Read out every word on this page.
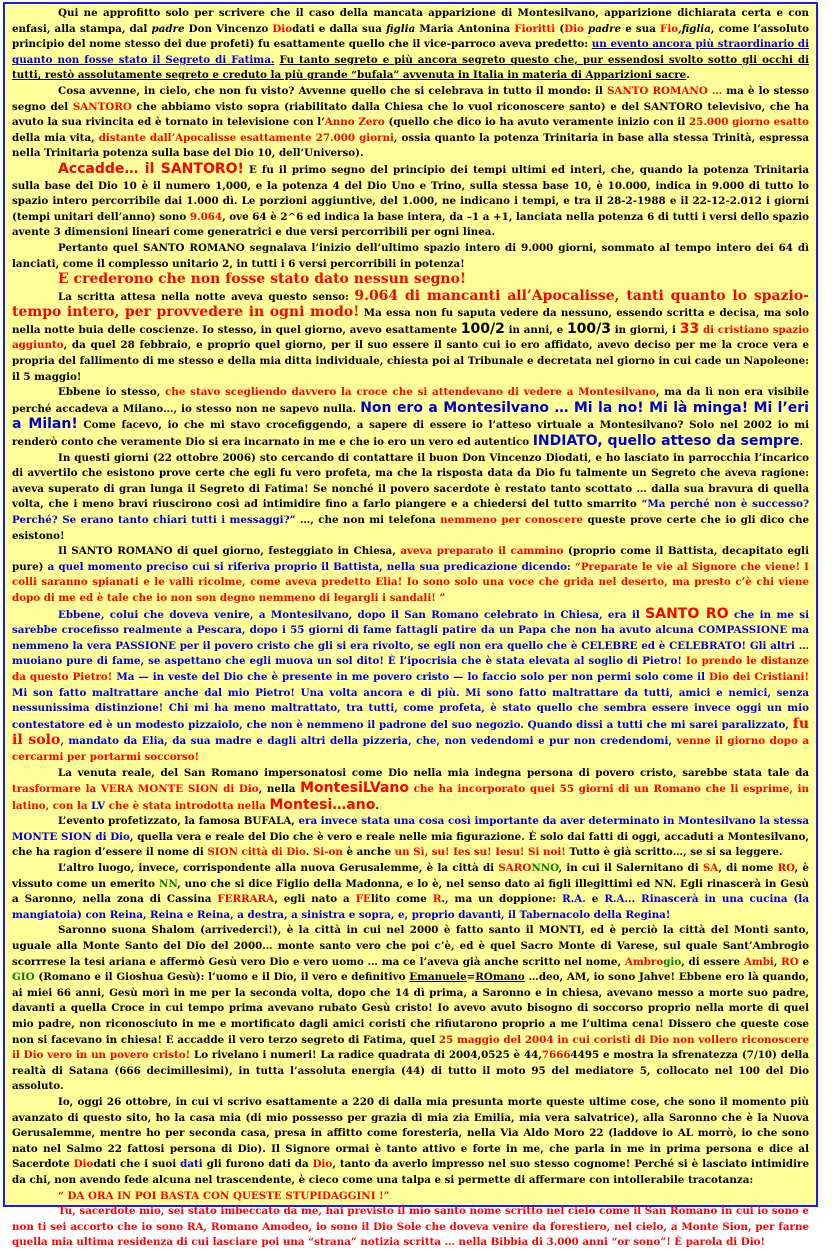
Qui ne approfitto solo per scrivere che il caso della mancata apparizione di Montesilvano, apparizione dichiarata certa e con enfasi, alla stampa, dal padre Don Vincenzo Diodati e dalla sua figlia Maria Antonina Fioritti (Dio padre e sua Fio,figlia, come l’assoluto principio del nome stesso dei due profeti) fu esattamente quello che il vice-parroco aveva predetto: un evento ancora più straordinario di quanto non fosse stato il Segreto di Fatima. Fu tanto segreto e più ancora segreto questo che, pur essendosi svolto sotto gli occhi di tutti, restò assolutamente segreto e creduto la più grande “bufala” avvenuta in Italia in materia di Apparizioni sacre.

Cosa avvenne, in cielo, che non fu visto? Avvenne quello che si celebrava in tutto il mondo: il SANTO ROMANO … ma è lo stesso segno del SANTORO che abbiamo visto sopra (riabilitato dalla Chiesa che lo vuol riconoscere santo) e del SANTORO televisivo, che ha avuto la sua rivincita ed è tornato in televisione con l’Anno Zero (quello che dico io ha avuto veramente inizio con il 25.000 giorno esatto della mia vita, distante dall’Apocalisse esattamente 27.000 giorni, ossia quanto la potenza Trinitaria in base alla stessa Trinità, espressa nella Trinitaria potenza sulla base del Dio 10, dell’Universo).

Accadde… il SANTORO! E fu il primo segno del principio dei tempi ultimi ed interi, che, quando la potenza Trinitaria sulla base del Dio 10 è il numero 1,000, e la potenza 4 del Dio Uno e Trino, sulla stessa base 10, è 10.000, indica in 9.000 di tutto lo spazio intero percorribile dai 1.000 dì. Le porzioni aggiuntive, del 1.000, ne indicano i tempi, e tra il 28-2-1988 e il 22-12-2.012 i giorni (tempi unitari dell’anno) sono 9.064, ove 64 è 2^6 ed indica la base intera, da –1 a +1, lanciata nella potenza 6 di tutti i versi dello spazio avente 3 dimensioni lineari come generatrici e due versi percorribili per ogni linea.

Pertanto quel SANTO ROMANO segnalava l’inizio dell’ultimo spazio intero di 9.000 giorni, sommato al tempo intero dei 64 dì lanciati, come il complesso unitario 2, in tutti i 6 versi percorribili in potenza!

E crederono che non fosse stato dato nessun segno!

La scritta attesa nella notte aveva questo senso: 9.064 di mancanti all’Apocalisse, tanti quanto lo spazio-tempo intero, per provvedere in ogni modo! Ma essa non fu saputa vedere da nessuno, essendo scritta e decisa, ma solo nella notte buia delle coscienze. Io stesso, in quel giorno, avevo esattamente 100/2 in anni, e 100/3 in giorni, i 33 di cristiano spazio aggiunto, da quel 28 febbraio, e proprio quel giorno, per il suo essere il santo cui io ero affidato, avevo deciso per me la croce vera e propria del fallimento di me stesso e della mia ditta individuale, chiesta poi al Tribunale e decretata nel giorno in cui cade un Napoleone: il 5 maggio!

Ebbene io stesso, che stavo scegliendo davvero la croce che si attendevano di vedere a Montesilvano, ma da lì non era visibile perché accadeva a Milano…, io stesso non ne sapevo nulla. Non ero a Montesilvano … Mi la no! Mi là minga! Mi l’eri a Milan! Come facevo, io che mi stavo crocefiggendo, a sapere di essere io l’atteso virtuale a Montesilvano? Solo nel 2002 io mi renderò conto che veramente Dio si era incarnato in me e che io ero un vero ed autentico INDIATO, quello atteso da sempre.

In questi giorni (22 ottobre 2006) sto cercando di contattare il buon Don Vincenzo Diodati, e ho lasciato in parrocchia l’incarico di avvertilo che esistono prove certe che egli fu vero profeta, ma che la risposta data da Dio fu talmente un Segreto che aveva ragione: aveva superato di gran lunga il Segreto di Fatima! Se nonché il povero sacerdote è restato tanto scottato … dalla sua bravura di quella volta, che i meno bravi riuscirono così ad intimidire fino a farlo piangere e a chiedersi del tutto smarrito “Ma perché non è successo? Perché? Se erano tanto chiari tutti i messaggi?” …, che non mi telefona nemmeno per conoscere queste prove certe che io gli dico che esistono!

Il SANTO ROMANO di quel giorno, festeggiato in Chiesa, aveva preparato il cammino (proprio come il Battista, decapitato egli pure) a quel momento preciso cui si riferiva proprio il Battista, nella sua predicazione dicendo: “Preparate le vie al Signore che viene! I colli saranno spianati e le valli ricolme, come aveva predetto Elia! Io sono solo una voce che grida nel deserto, ma presto c’è chi viene dopo di me ed è tale che io non son degno nemmeno di legargli i sandali! ”

Ebbene, colui che doveva venire, a Montesilvano, dopo il San Romano celebrato in Chiesa, era il SANTO RO che in me si sarebbe crocefisso realmente a Pescara, dopo i 55 giorni di fame fattagli patire da un Papa che non ha avuto alcuna COMPASSIONE ma nemmeno la vera PASSIONE per il povero cristo che gli si era rivolto, se egli non era quello che è CELEBRE ed è CELEBRATO! Gli altri … muoiano pure di fame, se aspettano che egli muova un sol dito! È l’ipocrisia che è stata elevata al soglio di Pietro! Io prendo le distanze da questo Pietro! Ma — in veste del Dio che è presente in me povero cristo — lo faccio solo per non permi solo come il Dio dei Cristiani! Mi son fatto maltrattare anche dal mio Pietro! Una volta ancora e di più. Mi sono fatto maltrattare da tutti, amici e nemici, senza nessunissima distinzione! Chi mi ha meno maltrattato, tra tutti, come profeta, è stato quello che sembra essere invece oggi un mio contestatore ed è un modesto pizzaiolo, che non è nemmeno il padrone del suo negozio. Quando dissi a tutti che mi sarei paralizzato, fu il solo, mandato da Elia, da sua madre e dagli altri della pizzeria, che, non vedendomi e pur non credendomi, venne il giorno dopo a cercarmi per portarmi soccorso!

La venuta reale, del San Romano impersonatosi come Dio nella mia indegna persona di povero cristo, sarebbe stata tale da trasformare la VERA MONTE SION di Dio, nella MontesiLVano che ha incorporato quei 55 giorni di un Romano che li esprime, in latino, con la LV che è stata introdotta nella Montesi…ano.

L’evento profetizzato, la famosa BUFALA, era invece stata una cosa così importante da aver determinato in Montesilvano la stessa MONTE SION di Dio, quella vera e reale del Dio che è vero e reale nelle mia figurazione. È solo dai fatti di oggi, accaduti a Montesilvano, che ha ragion d’essere il nome di SION città di Dio. Si-on è anche un Sì, su! Ies su! Iesu! Si noi! Tutto è già scritto…, se si sa leggere.

L’altro luogo, invece, corrispondente alla nuova Gerusalemme, è la città di SARONNO, in cui il Salernitano di SA, di nome RO, è vissuto come un emerito NN, uno che si dice Figlio della Madonna, e lo è, nel senso dato ai figli illegittimi ed NN. Egli rinascerà in Gesù a Saronno, nella zona di Cassina FERRARA, egli nato a FElito come R., ma un doppione: R.A. e R.A... Rinascerà in una cucina (la mangiatoia) con Reina, Reina e Reina, a destra, a sinistra e sopra, e, proprio davanti, il Tabernacolo della Regina!

Saronno suona Shalom (arrivederci!), è la città in cui nel 2000 è fatto santo il MONTI, ed è perciò la città del Monti santo, uguale alla Monte Santo del Dio del 2000… monte santo vero che poi c’è, ed è quel Sacro Monte di Varese, sul quale Sant’Ambrogio scorrrese la tesi ariana e affermò Gesù vero Dio e vero uomo … ma ce l’aveva già anche scritto nel nome, Ambrogio, di essere Ambi, RO e GIO (Romano e il Gioshua Gesù): l’uomo e il Dio, il vero e definitivo Emanuele=ROmano …deo, AM, io sono Jahve! Ebbene ero là quando, ai miei 66 anni, Gesù morì in me per la seconda volta, dopo che 14 dì prima, a Saronno e in chiesa, avevano messo a morte suo padre, davanti a quella Croce in cui tempo prima avevano rubato Gesù cristo! Io avevo avuto bisogno di soccorso proprio nella morte di quel mio padre, non riconosciuto in me e mortificato dagli amici coristi che rifiutarono proprio a me l’ultima cena! Dissero che queste cose non si facevano in chiesa! E accadde il vero terzo segreto di Fatima, quel 25 maggio del 2004 in cui coristi di Dio non vollero riconoscere il Dio vero in un povero cristo! Lo rivelano i numeri! La radice quadrata di 2004,0525 è 44,76664495 e mostra la sfrenatezza (7/10) della realtà di Satana (666 decimillesimi), in tutta l’assoluta energia (44) di tutto il moto 95 del mediatore 5, collocato nel 100 del Dio assoluto.

Io, oggi 26 ottobre, in cui vi scrivo esattamente a 220 di dalla mia presunta morte queste ultime cose, che sono il momento più avanzato di questo sito, ho la casa mia (di mio possesso per grazia di mia zia Emilia, mia vera salvatrice), alla Saronno che è la Nuova Gerusalemme, mentre ho per seconda casa, presa in affitto come foresteria, nella Via Aldo Moro 22 (laddove io AL morrò, io che sono nato nel Salmo 22 fattosi persona di Dio). Il Signore ormai è tanto attivo e forte in me, che parla in me in prima persona e dice al Sacerdote Diodati che i suoi dati gli furono dati da Dio, tanto da averlo impresso nel suo stesso cognome! Perché si è lasciato intimidire da chi, non avendo fede alcuna nel trascendente, è cieco come una talpa e si permette di affermare con intollerabile tracotanza:

“ DA ORA IN POI BASTA CON QUESTE STUPIDAGGINI !”

Tu, sacerdote mio, sei stato imbeccato da me, hai previsto il mio santo nome scritto nel cielo come il San Romano in cui io sono e non ti sei accorto che io sono RA, Romano Amodeo, io sono il Dio Sole che doveva venire da forestiero, nel cielo, a Monte Sion, per farne quella mia ultima residenza di cui lasciare poi una “strana” notizia scritta … nella Bibbia di 3.000 anni “or sono”! È parola di Dio!
